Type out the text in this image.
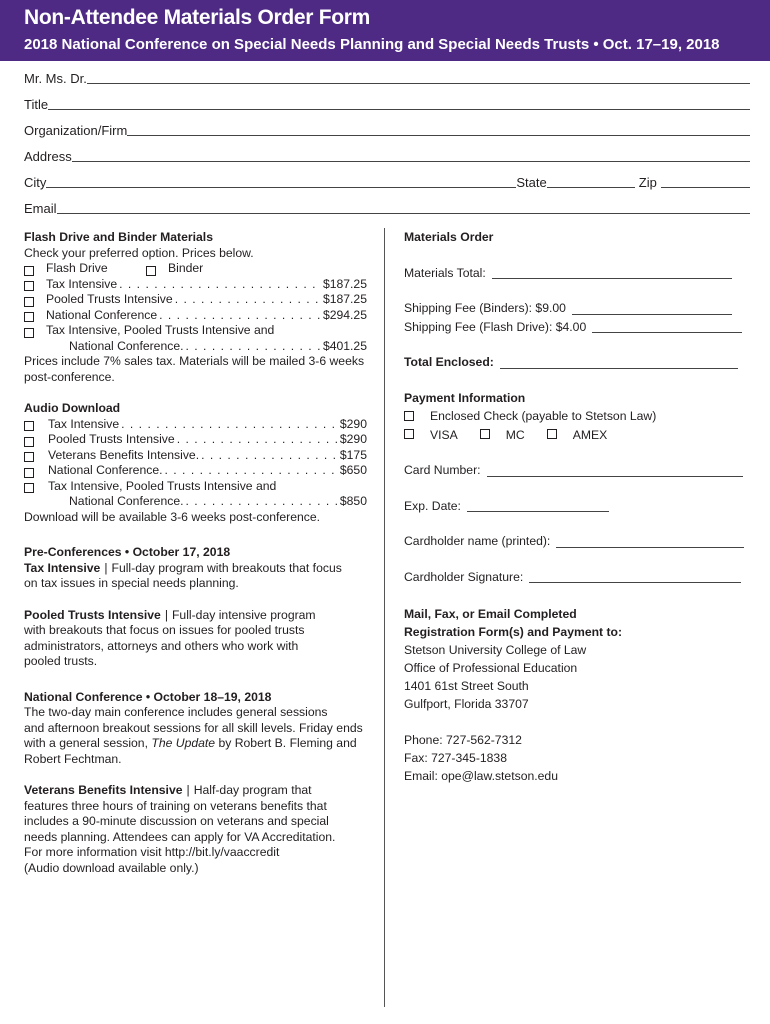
Non-Attendee Materials Order Form
2018 National Conference on Special Needs Planning and Special Needs Trusts • Oct. 17–19, 2018
Mr. Ms. Dr.
Title
Organization/Firm
Address
City	State	Zip
Email
Flash Drive and Binder Materials
Check your preferred option. Prices below.
Flash Drive	Binder
Tax Intensive . . .	$187.25
Pooled Trusts Intensive . . .	$187.25
National Conference . . .	$294.25
Tax Intensive, Pooled Trusts Intensive and
National Conference. . . .	$401.25
Prices include 7% sales tax. Materials will be mailed 3-6 weeks
post-conference.
Audio Download
Tax Intensive . . .	$290
Pooled Trusts Intensive . . .	$290
Veterans Benefits Intensive. . . .	$175
National Conference. . . .	$650
Tax Intensive, Pooled Trusts Intensive and
National Conference. . . .	$850
Download will be available 3-6 weeks post-conference.
Pre-Conferences • October 17, 2018
Tax Intensive | Full-day program with breakouts that focus
on tax issues in special needs planning.
Pooled Trusts Intensive | Full-day intensive program
with breakouts that focus on issues for pooled trusts
administrators, attorneys and others who work with
pooled trusts.
National Conference • October 18–19, 2018
The two-day main conference includes general sessions
and afternoon breakout sessions for all skill levels. Friday ends
with a general session, The Update by Robert B. Fleming and
Robert Fechtman.
Veterans Benefits Intensive | Half-day program that
features three hours of training on veterans benefits that
includes a 90-minute discussion on veterans and special
needs planning. Attendees can apply for VA Accreditation.
For more information visit http://bit.ly/vaaccredit
(Audio download available only.)
Materials Order
Materials Total:
Shipping Fee (Binders): $9.00
Shipping Fee (Flash Drive): $4.00
Total Enclosed:
Payment Information
Enclosed Check (payable to Stetson Law)
VISA	MC	AMEX
Card Number:
Exp. Date:
Cardholder name (printed):
Cardholder Signature:
Mail, Fax, or Email Completed
Registration Form(s) and Payment to:
Stetson University College of Law
Office of Professional Education
1401 61st Street South
Gulfport, Florida 33707
Phone: 727-562-7312
Fax: 727-345-1838
Email: ope@law.stetson.edu
